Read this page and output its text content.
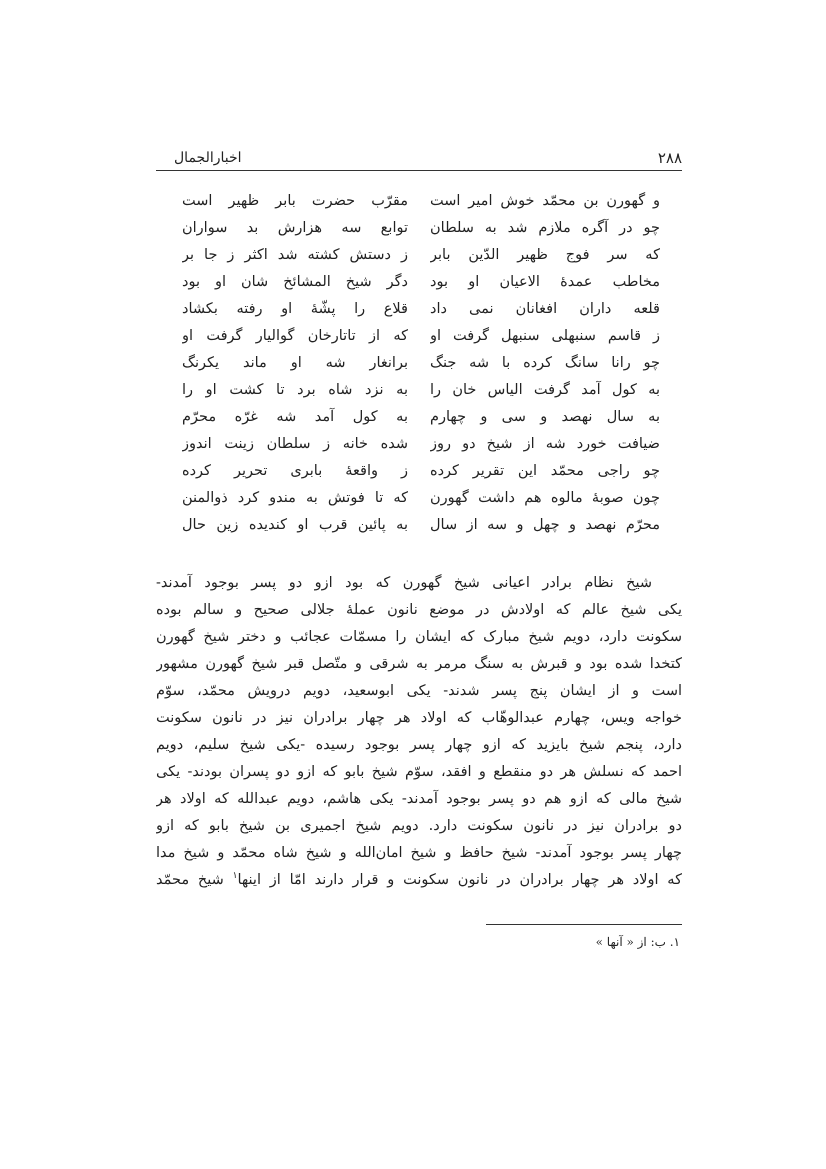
۲۸۸
اخبارالجمال
و گهورن بن محمّد خوش امیر است
مقرّب حضرت بابر ظهیر است
چو در آگره ملازم شد به سلطان
توابع سه هزارش بد سواران
که سر فوج ظهیر الدّین بابر
ز دستش کشته شد اکثر ز جا بر
مخاطب عمدهٔ الاعیان او بود
دگر شیخ المشائخ شان او بود
قلعه داران افغانان نمی داد
قلاع را پشّهٔ او رفته بکشاد
ز قاسم سنبهلی سنبهل گرفت او
که از تاتارخان گوالیار گرفت او
چو رانا سانگ کرده با شه جنگ
برانغار شه او ماند یکرنگ
به کول آمد گرفت الیاس خان را
به نزد شاه برد تا کشت او را
به سال نهصد و سی و چهارم
به کول آمد شه غرّه محرّم
ضیافت خورد شه از شیخ دو روز
شده خانه ز سلطان زینت اندوز
چو راجی محمّد این تقریر کرده
ز واقعهٔ بابری تحریر کرده
چون صوبهٔ مالوه هم داشت گهورن
که تا فوتش به مندو کرد ذوالمنن
محرّم نهصد و چهل و سه از سال
به پائین قرب او کندیده زین حال
شیخ نظام برادر اعیانی شیخ گهورن که بود ازو دو پسر بوجود آمدند-
یکی شیخ عالم که اولادش در موضع نانون عملهٔ جلالی صحیح و سالم بوده
سکونت دارد، دویم شیخ مبارک که ایشان را مسمّات عجائب و دختر شیخ گهورن
کتخدا شده بود و قبرش به سنگ مرمر به شرقی و متّصل قبر شیخ گهورن مشهور
است و از ایشان پنج پسر شدند- یکی ابوسعید، دویم درویش محمّد، سوّم
خواجه ویس، چهارم عبدالوهّاب که اولاد هر چهار برادران نیز در نانون سکونت
دارد، پنجم شیخ بایزید که ازو چهار پسر بوجود رسیده -یکی شیخ سلیم، دویم
احمد که نسلش هر دو منقطع و افقد، سوّم شیخ بابو که ازو دو پسران بودند- یکی
شیخ مالی که ازو هم دو پسر بوجود آمدند- یکی هاشم، دویم عبدالله که اولاد هر
دو برادران نیز در نانون سکونت دارد. دویم شیخ اجمیری بن شیخ بابو که ازو
چهار پسر بوجود آمدند- شیخ حافظ و شیخ امان‌الله و شیخ شاه محمّد و شیخ مدا
که اولاد هر چهار برادران در نانون سکونت و قرار دارند امّا از اینها$^۱$ شیخ محمّد
۱. ب: از « آنها »
